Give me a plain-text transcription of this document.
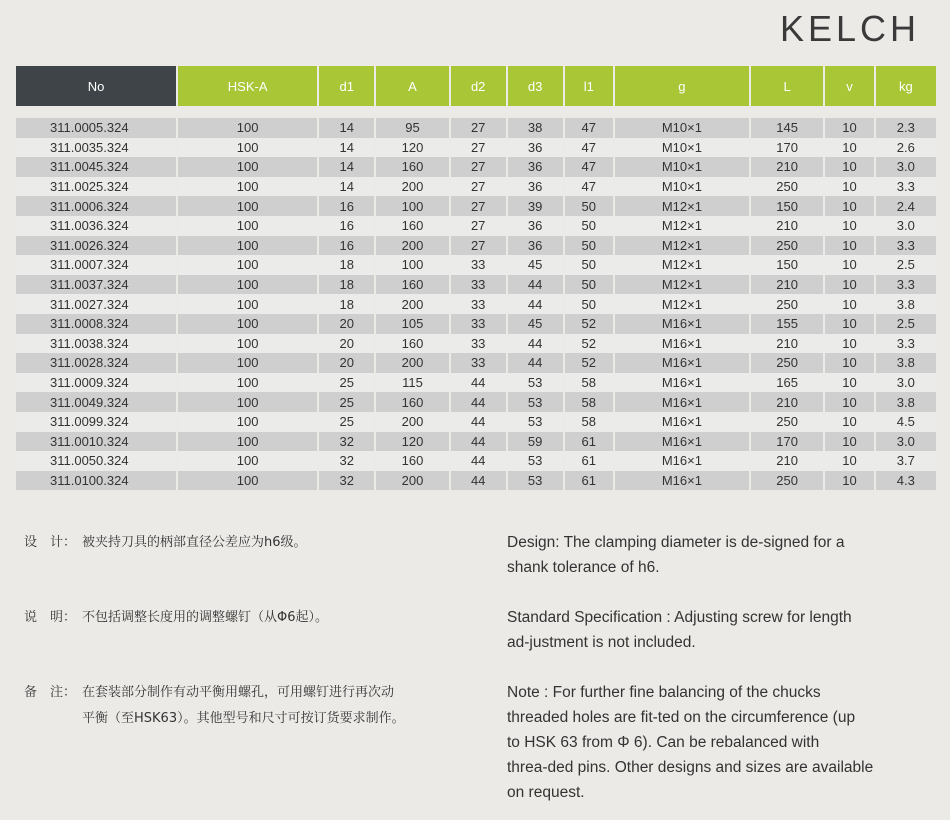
KELCH
No	HSK-A	d1	A	d2	d3	l1	g	L	v	kg
311.0005.324	100	14	95	27	38	47	M10×1	145	10	2.3
311.0035.324	100	14	120	27	36	47	M10×1	170	10	2.6
311.0045.324	100	14	160	27	36	47	M10×1	210	10	3.0
311.0025.324	100	14	200	27	36	47	M10×1	250	10	3.3
311.0006.324	100	16	100	27	39	50	M12×1	150	10	2.4
311.0036.324	100	16	160	27	36	50	M12×1	210	10	3.0
311.0026.324	100	16	200	27	36	50	M12×1	250	10	3.3
311.0007.324	100	18	100	33	45	50	M12×1	150	10	2.5
311.0037.324	100	18	160	33	44	50	M12×1	210	10	3.3
311.0027.324	100	18	200	33	44	50	M12×1	250	10	3.8
311.0008.324	100	20	105	33	45	52	M16×1	155	10	2.5
311.0038.324	100	20	160	33	44	52	M16×1	210	10	3.3
311.0028.324	100	20	200	33	44	52	M16×1	250	10	3.8
311.0009.324	100	25	115	44	53	58	M16×1	165	10	3.0
311.0049.324	100	25	160	44	53	58	M16×1	210	10	3.8
311.0099.324	100	25	200	44	53	58	M16×1	250	10	4.5
311.0010.324	100	32	120	44	59	61	M16×1	170	10	3.0
311.0050.324	100	32	160	44	53	61	M16×1	210	10	3.7
311.0100.324	100	32	200	44	53	61	M16×1	250	10	4.3
设　计： 被夹持刀具的柄部直径公差应为h6级。	Design: The clamping diameter is de-signed for a
shank tolerance of h6.
说　明： 不包括调整长度用的调整螺钉（从Φ6起）。	Standard Specification : Adjusting screw for length
ad-justment is not included.
备　注： 在套装部分制作有动平衡用螺孔，可用螺钉进行再次动
平衡（至HSK63）。其他型号和尺寸可按订货要求制作。
Note : For further fine balancing of the chucks
threaded holes are fit-ted on the circumference (up
to HSK 63 from Φ 6). Can be rebalanced with
threa-ded pins. Other designs and sizes are available
on request.
